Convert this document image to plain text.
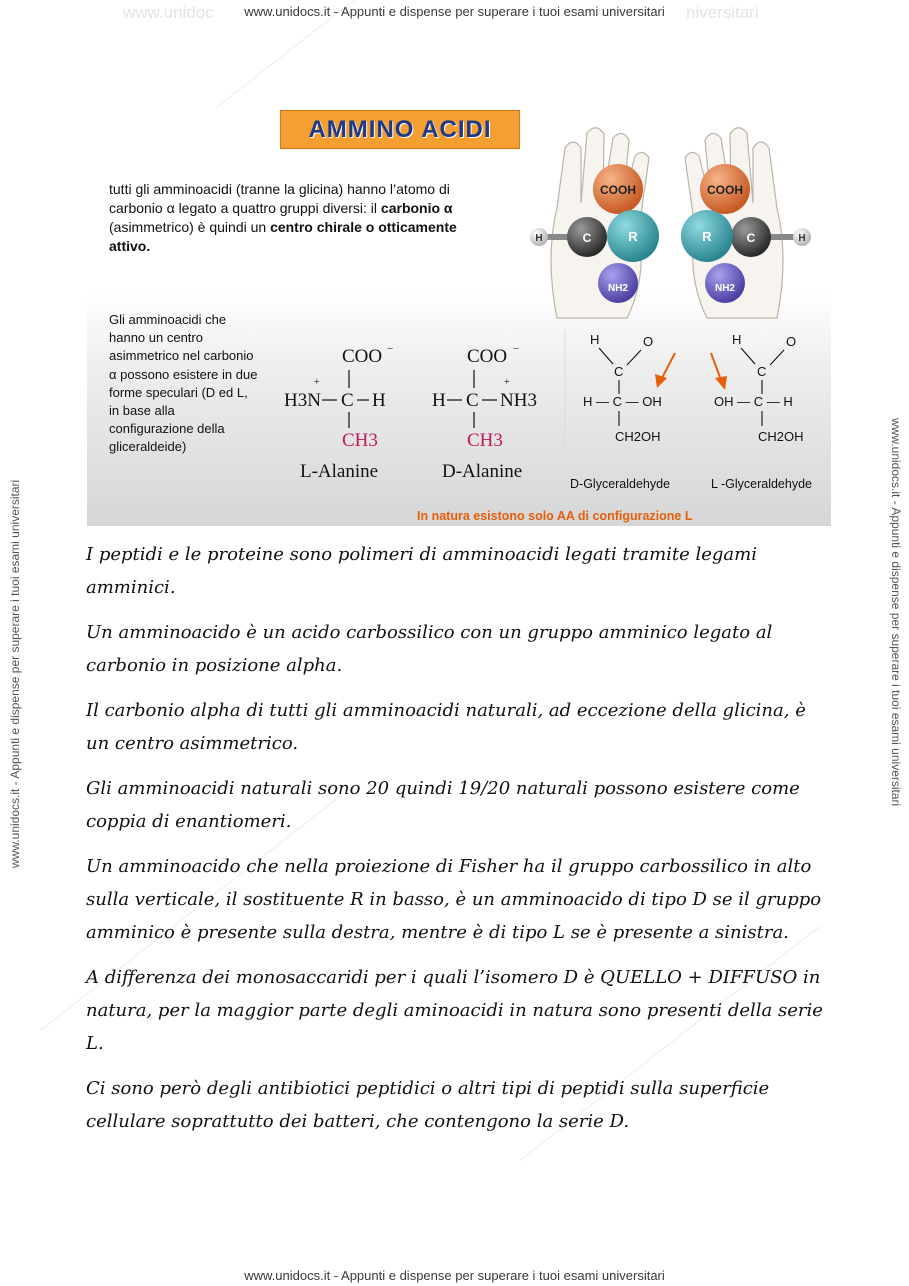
www.unidoc	niversitari
www.unidocs.it - Appunti e dispense per superare i tuoi esami universitari
www.unidocs.it - Appunti e dispense per superare i tuoi esami universitari	www.unidocs.it - Appunti e dispense per superare i tuoi esami universitari
AMMINO ACIDI
tutti gli amminoacidi (tranne la glicina) hanno l’atomo di carbonio α legato a quattro gruppi diversi: il carbonio α (asimmetrico) è quindi un centro chirale o otticamente attivo.
Gli amminoacidi che hanno un centro asimmetrico nel carbonio α possono esistere in due forme speculari (D ed L, in base alla configurazione della gliceraldeide)
COOH
H	C	R
NH2
COOH
R	C	H
NH2
COO −
H3N
+
C H
CH3
L-Alanine
COO −
H C NH3
+
CH3
D-Alanine
H	O
C
H — C — OH
CH2OH
D-Glyceraldehyde
H	O
C
OH — C — H
CH2OH
L -Glyceraldehyde
In natura esistono solo AA di configurazione L

I peptidi e le proteine sono polimeri di amminoacidi legati tramite legami amminici.

Un amminoacido è un acido carbossilico con un gruppo amminico legato al carbonio in posizione alpha.

Il carbonio alpha di tutti gli amminoacidi naturali, ad eccezione della glicina, è un centro asimmetrico.

Gli amminoacidi naturali sono 20 quindi 19/20 naturali possono esistere come coppia di enantiomeri.

Un amminoacido che nella proiezione di Fisher ha il gruppo carbossilico in alto sulla verticale, il sostituente R in basso, è un amminoacido di tipo D se il gruppo amminico è presente sulla destra, mentre è di tipo L se è presente a sinistra.

A differenza dei monosaccaridi per i quali l’isomero D è QUELLO + DIFFUSO in natura, per la maggior parte degli aminoacidi in natura sono presenti della serie L.

Ci sono però degli antibiotici peptidici o altri tipi di peptidi sulla superficie cellulare soprattutto dei batteri, che contengono la serie D.

www.unidocs.it - Appunti e dispense per superare i tuoi esami universitari
